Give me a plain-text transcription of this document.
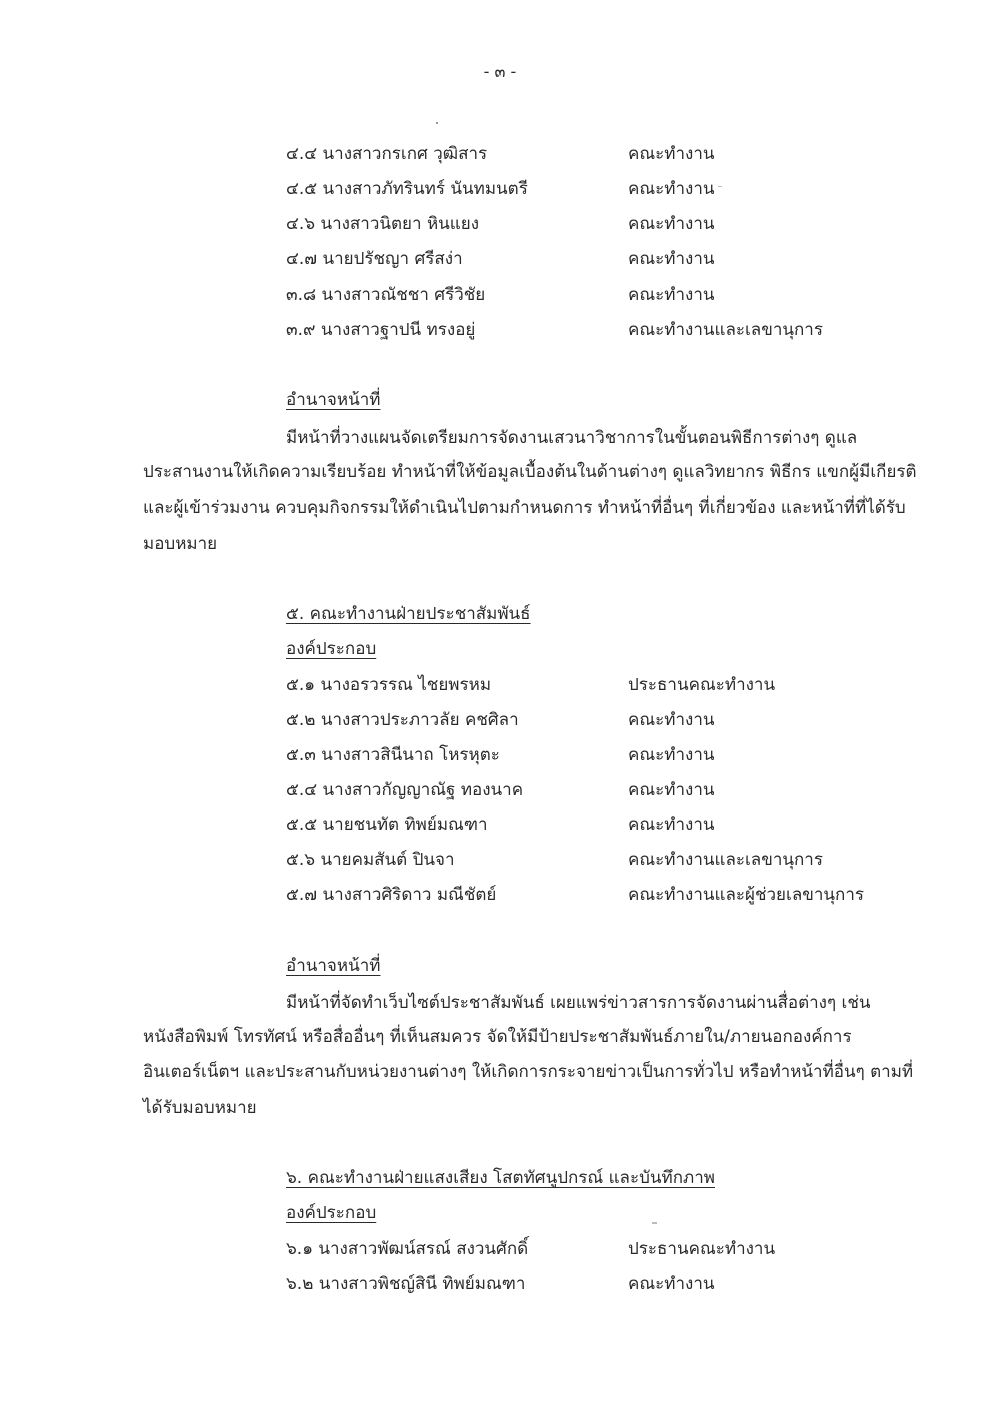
- ๓ -
๔.๔ นางสาวกรเกศ วุฒิสาร	คณะทำงาน
๔.๕ นางสาวภัทรินทร์ นันทมนตรี	คณะทำงาน
๔.๖ นางสาวนิตยา หินแยง	คณะทำงาน
๔.๗ นายปรัชญา ศรีสง่า	คณะทำงาน
๓.๘ นางสาวณัชชา ศรีวิชัย	คณะทำงาน
๓.๙ นางสาวฐาปนี ทรงอยู่	คณะทำงานและเลขานุการ
อำนาจหน้าที่
มีหน้าที่วางแผนจัดเตรียมการจัดงานเสวนาวิชาการในขั้นตอนพิธีการต่างๆ ดูแล
ประสานงานให้เกิดความเรียบร้อย ทำหน้าที่ให้ข้อมูลเบื้องต้นในด้านต่างๆ ดูแลวิทยากร พิธีกร แขกผู้มีเกียรติ
และผู้เข้าร่วมงาน ควบคุมกิจกรรมให้ดำเนินไปตามกำหนดการ ทำหน้าที่อื่นๆ ที่เกี่ยวข้อง และหน้าที่ที่ได้รับ
มอบหมาย
๕. คณะทำงานฝ่ายประชาสัมพันธ์
องค์ประกอบ
๕.๑ นางอรวรรณ ไชยพรหม	ประธานคณะทำงาน
๕.๒ นางสาวประภาวลัย คชศิลา	คณะทำงาน
๕.๓ นางสาวสินีนาถ โหรหุตะ	คณะทำงาน
๕.๔ นางสาวกัญญาณัฐ ทองนาค	คณะทำงาน
๕.๕ นายชนทัต ทิพย์มณฑา	คณะทำงาน
๕.๖ นายคมสันต์ ปินจา	คณะทำงานและเลขานุการ
๕.๗ นางสาวศิริดาว มณีชัตย์	คณะทำงานและผู้ช่วยเลขานุการ
อำนาจหน้าที่
มีหน้าที่จัดทำเว็บไซต์ประชาสัมพันธ์ เผยแพร่ข่าวสารการจัดงานผ่านสื่อต่างๆ เช่น
หนังสือพิมพ์ โทรทัศน์ หรือสื่ออื่นๆ ที่เห็นสมควร จัดให้มีป้ายประชาสัมพันธ์ภายใน/ภายนอกองค์การ
อินเตอร์เน็ตฯ และประสานกับหน่วยงานต่างๆ ให้เกิดการกระจายข่าวเป็นการทั่วไป หรือทำหน้าที่อื่นๆ ตามที่
ได้รับมอบหมาย
๖. คณะทำงานฝ่ายแสงเสียง โสตทัศนูปกรณ์ และบันทึกภาพ
องค์ประกอบ
๖.๑ นางสาวพัฒน์สรณ์ สงวนศักดิ์	ประธานคณะทำงาน
๖.๒ นางสาวพิชญ์สินี ทิพย์มณฑา	คณะทำงาน
